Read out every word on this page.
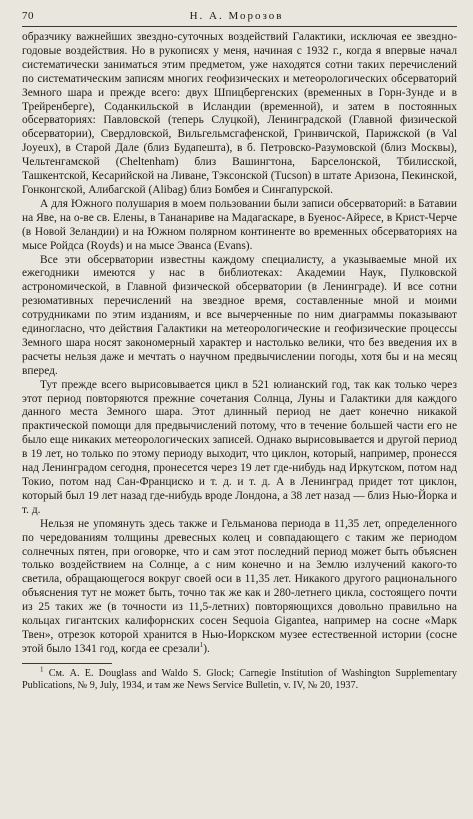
70	Н. А. Морозов

образчику важнейших звездно-суточных воздействий Галактики, исключая ее звездно-годовые воздействия. Но в рукописях у меня, начиная с 1932 г., когда я впервые начал систематически заниматься этим предметом, уже находятся сотни таких перечислений по систематическим записям многих геофизических и метеорологических обсерваторий Земного шара и прежде всего: двух Шпицбергенских (временных в Горн-Зунде и в Трейренберге), Соданкильской в Исландии (временной), и затем в постоянных обсерваториях: Павловской (теперь Слуцкой), Ленинградской (Главной физической обсерватории), Свердловской, Вильгельмсгафенской, Гринвичской, Парижской (в Val Joyeux), в Старой Дале (близ Будапешта), в б. Петровско-Разумовской (близ Москвы), Чельтенгамской (Cheltenham) близ Вашингтона, Барселонской, Тбилисской, Ташкентской, Кесарийской на Ливане, Тэксонской (Tucson) в штате Аризона, Пекинской, Гонконгской, Алибагской (Alibag) близ Бомбея и Сингапурской.

А для Южного полушария в моем пользовании были записи обсерваторий: в Батавии на Яве, на о-ве св. Елены, в Тананариве на Мадагаскаре, в Буенос-Айресе, в Крист-Черче (в Новой Зеландии) и на Южном полярном континенте во временных обсерваториях на мысе Ройдса (Royds) и на мысе Эванса (Evans).

Все эти обсерватории известны каждому специалисту, а указываемые мной их ежегодники имеются у нас в библиотеках: Академии Наук, Пулковской астрономической, в Главной физической обсерватории (в Ленинграде). И все сотни резюмативных перечислений на звездное время, составленные мной и моими сотрудниками по этим изданиям, и все вычерченные по ним диаграммы показывают единогласно, что действия Галактики на метеорологические и геофизические процессы Земного шара носят закономерный характер и настолько велики, что без введения их в расчеты нельзя даже и мечтать о научном предвычислении погоды, хотя бы и на месяц вперед.

Тут прежде всего вырисовывается цикл в 521 юлианский год, так как только через этот период повторяются прежние сочетания Солнца, Луны и Галактики для каждого данного места Земного шара. Этот длинный период не дает конечно никакой практической помощи для предвычислений потому, что в течение большей части его не было еще никаких метеорологических записей. Однако вырисовывается и другой период в 19 лет, но только по этому периоду выходит, что циклон, который, например, пронесся над Ленинградом сегодня, пронесется через 19 лет где-нибудь над Иркутском, потом над Токио, потом над Сан-Франциско и т. д. и т. д. А в Ленинград придет тот циклон, который был 19 лет назад где-нибудь вроде Лондона, а 38 лет назад — близ Нью-Йорка и т. д.

Нельзя не упомянуть здесь также и Гельманова периода в 11,35 лет, определенного по чередованиям толщины древесных колец и совпадающего с таким же периодом солнечных пятен, при оговорке, что и сам этот последний период может быть объяснен только воздействием на Солнце, а с ним конечно и на Землю излучений какого-то светила, обращающегося вокруг своей оси в 11,35 лет. Никакого другого рационального объяснения тут не может быть, точно так же как и 280-летнего цикла, состоящего почти из 25 таких же (в точности из 11,5-летних) повторяющихся довольно правильно на кольцах гигантских калифорнских сосен Sequoia Gigantea, например на сосне «Марк Твен», отрезок которой хранится в Нью-Иоркском музее естественной истории (сосне этой было 1341 год, когда ее срезали$^1$).

$^1$ См. A. E. Douglass and Waldo S. Glock; Carnegie Institution of Washington Supplementary Publications, № 9, July, 1934, и там же News Service Bulletin, v. IV, № 20, 1937.
